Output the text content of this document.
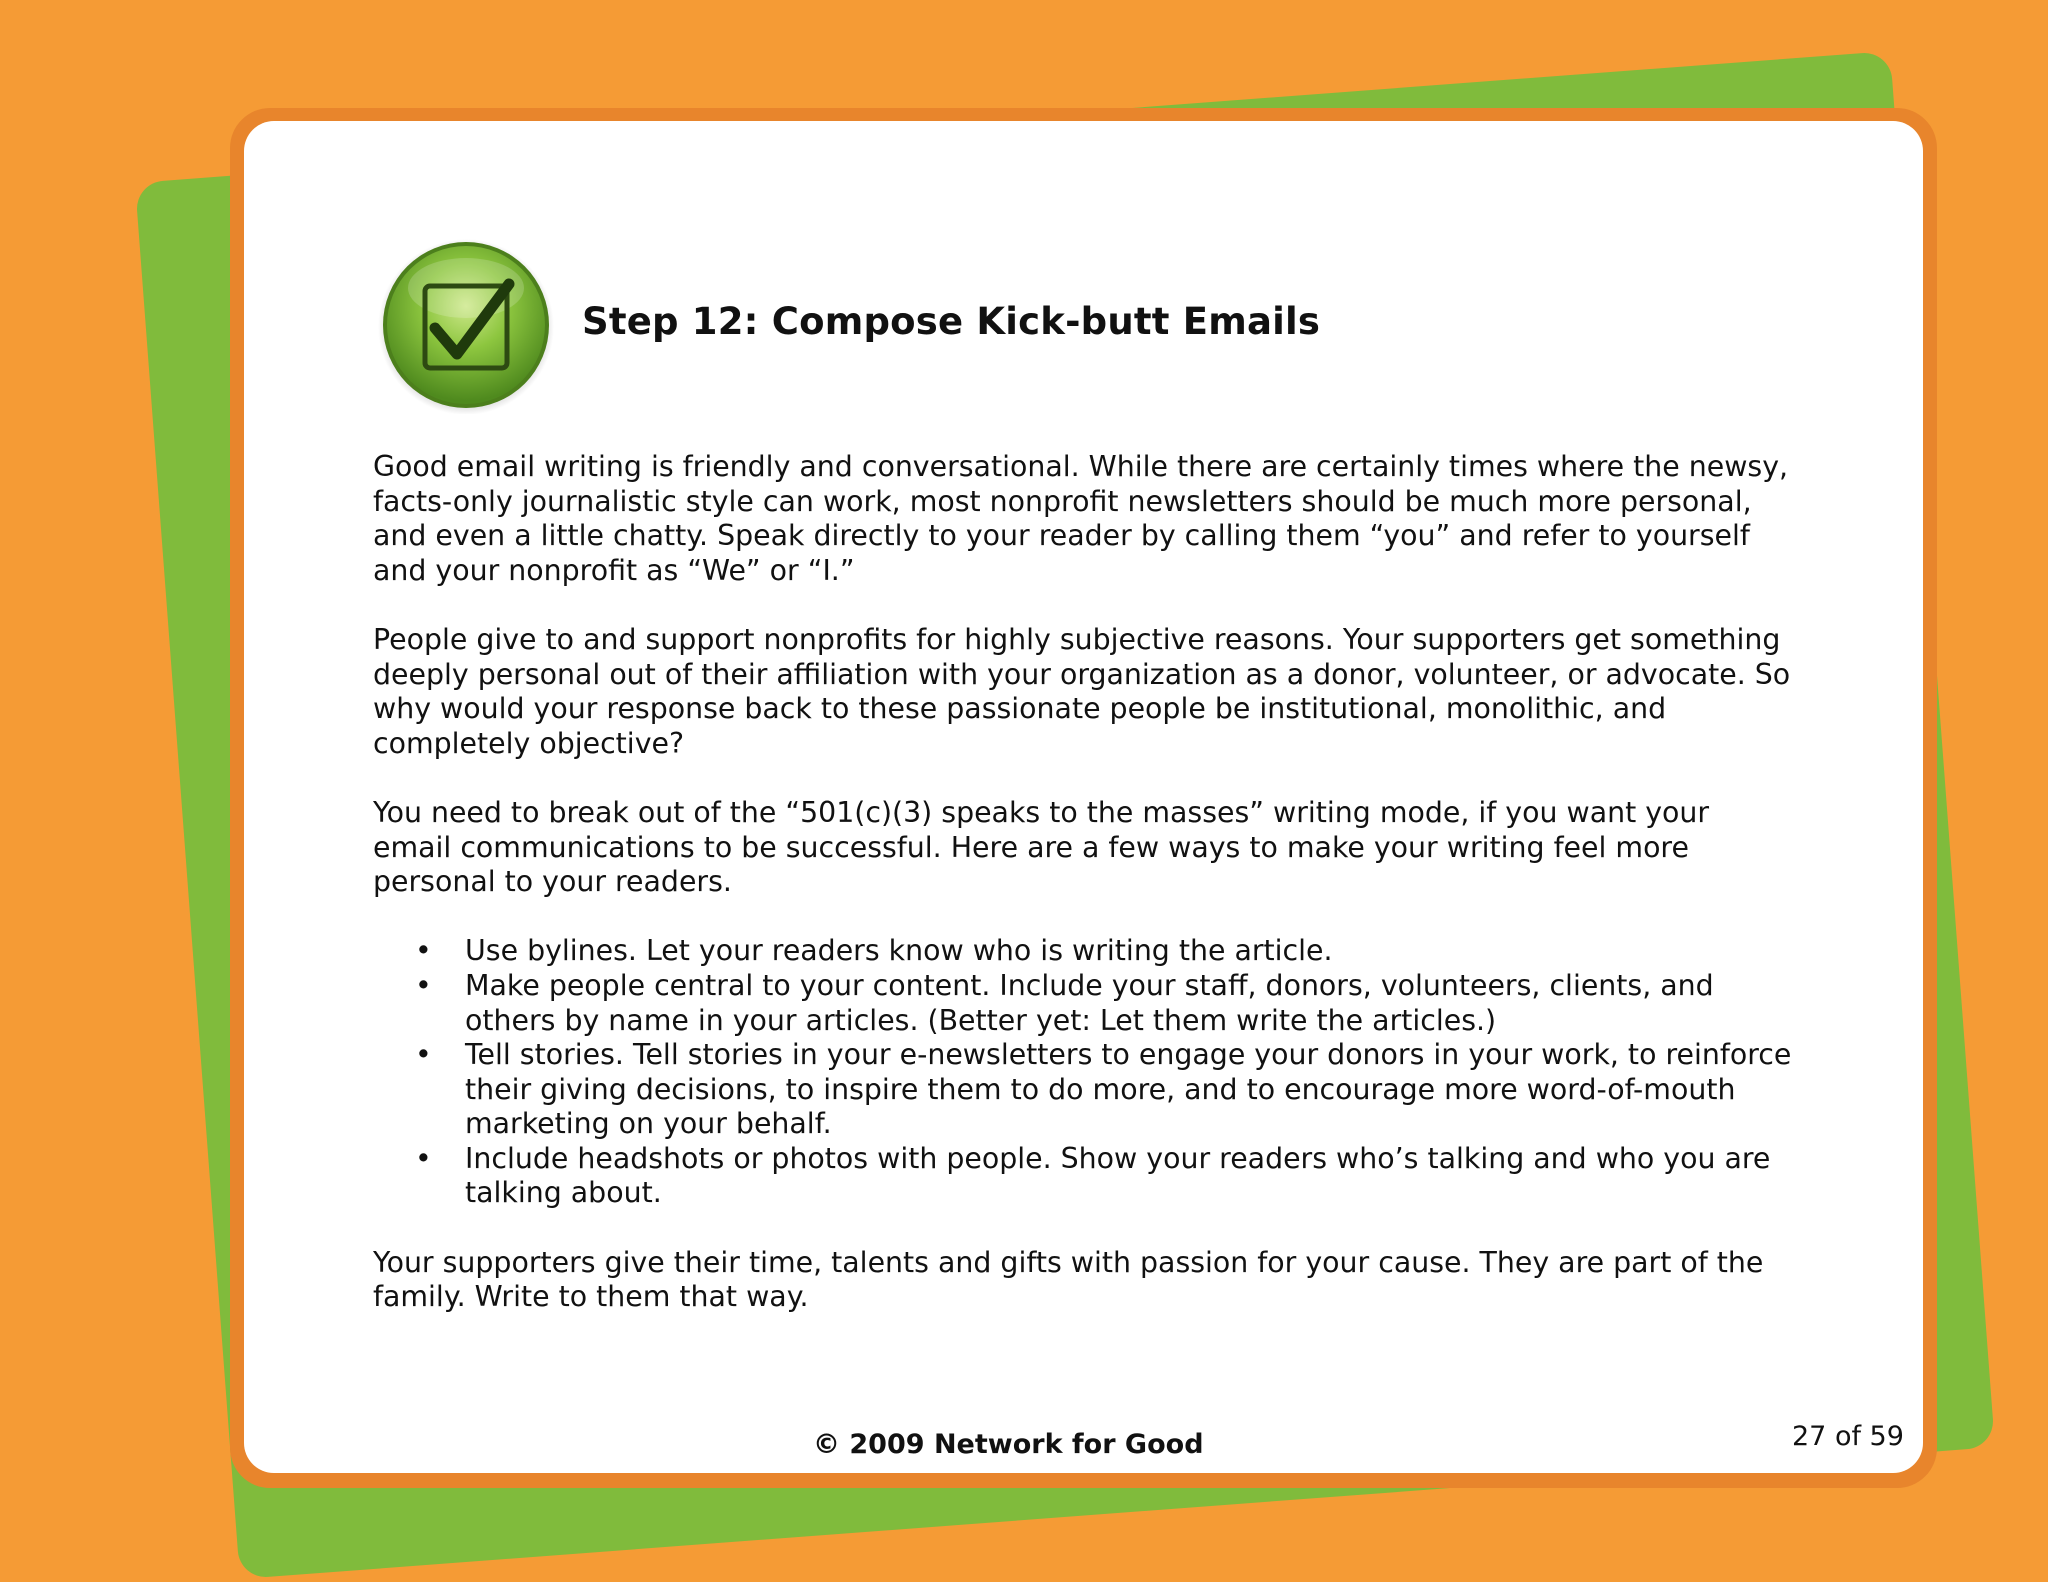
Step 12: Compose Kick-butt Emails

Good email writing is friendly and conversational. While there are certainly times where the newsy, facts-only journalistic style can work, most nonprofit newsletters should be much more personal, and even a little chatty. Speak directly to your reader by calling them “you” and refer to yourself and your nonprofit as “We” or “I.”

People give to and support nonprofits for highly subjective reasons. Your supporters get something deeply personal out of their affiliation with your organization as a donor, volunteer, or advocate. So why would your response back to these passionate people be institutional, monolithic, and completely objective?

You need to break out of the “501(c)(3) speaks to the masses” writing mode, if you want your email communications to be successful. Here are a few ways to make your writing feel more personal to your readers.

• Use bylines. Let your readers know who is writing the article.
• Make people central to your content. Include your staff, donors, volunteers, clients, and others by name in your articles. (Better yet: Let them write the articles.)
• Tell stories. Tell stories in your e-newsletters to engage your donors in your work, to reinforce their giving decisions, to inspire them to do more, and to encourage more word-of-mouth marketing on your behalf.
• Include headshots or photos with people. Show your readers who’s talking and who you are talking about.

Your supporters give their time, talents and gifts with passion for your cause. They are part of the family. Write to them that way.

© 2009 Network for Good	27 of 59
